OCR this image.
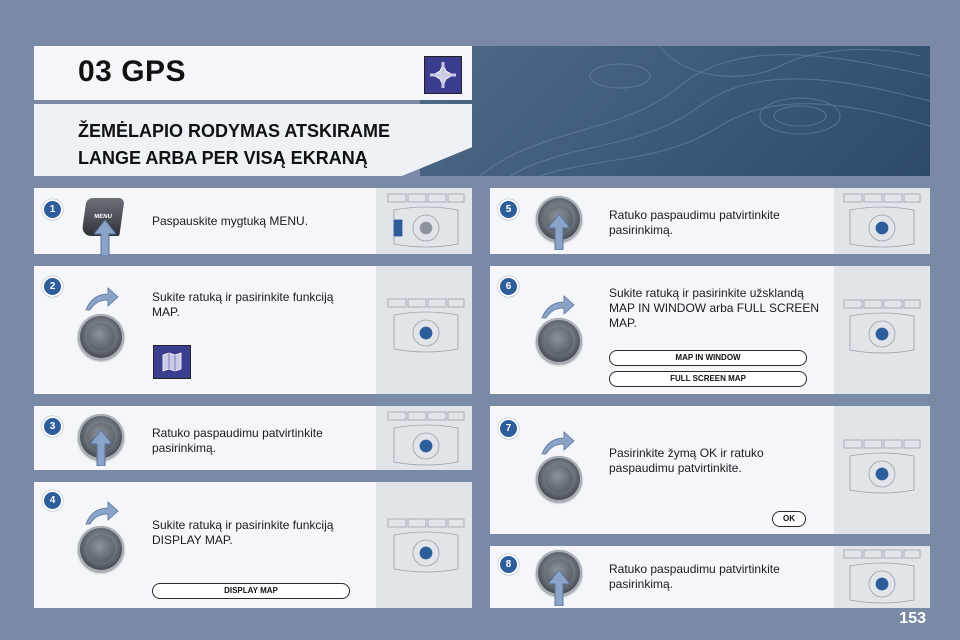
03 GPS
ŽEMĖLAPIO RODYMAS ATSKIRAME LANGE ARBA PER VISĄ EKRANĄ
1
MENU	Paspauskite mygtuką MENU.
2
Sukite ratuką ir pasirinkite funkciją MAP.
3	Ratuko paspaudimu patvirtinkite pasirinkimą.
4
Sukite ratuką ir pasirinkite funkciją DISPLAY MAP.
DISPLAY MAP
5	Ratuko paspaudimu patvirtinkite pasirinkimą.
6	Sukite ratuką ir pasirinkite užsklandą MAP IN WINDOW arba FULL SCREEN MAP.
MAP IN WINDOW
FULL SCREEN MAP
7
Pasirinkite žymą OK ir ratuko paspaudimu patvirtinkite.
OK
8	Ratuko paspaudimu patvirtinkite pasirinkimą.
153
